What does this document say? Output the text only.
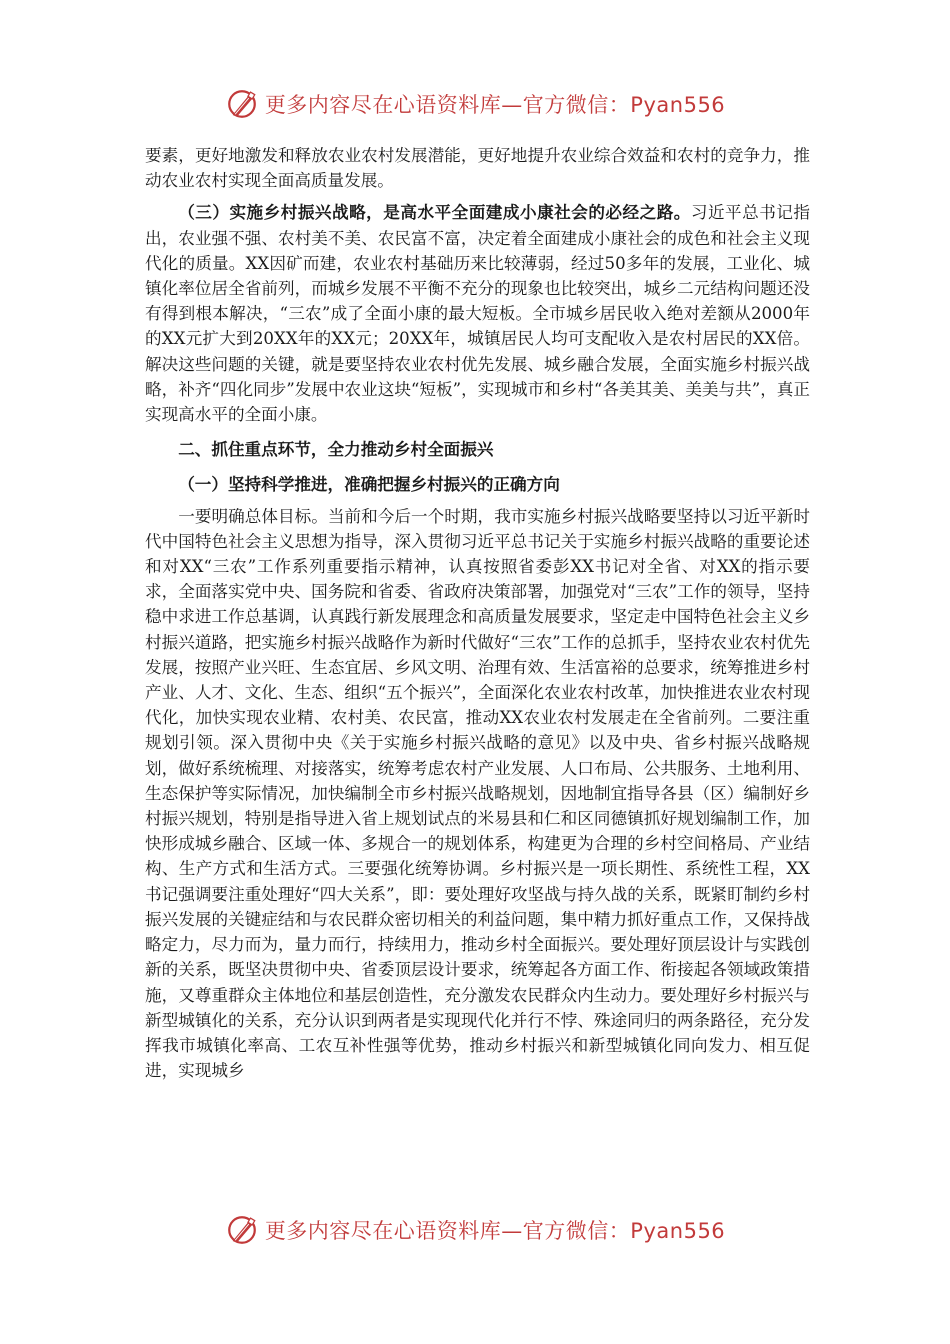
更多内容尽在心语资料库—官方微信：Pyan556

要素，更好地激发和释放农业农村发展潜能，更好地提升农业综合效益和农村的竞争力，推动农业农村实现全面高质量发展。

（三）实施乡村振兴战略，是高水平全面建成小康社会的必经之路。习近平总书记指出，农业强不强、农村美不美、农民富不富，决定着全面建成小康社会的成色和社会主义现代化的质量。XX因矿而建，农业农村基础历来比较薄弱，经过50多年的发展，工业化、城镇化率位居全省前列，而城乡发展不平衡不充分的现象也比较突出，城乡二元结构问题还没有得到根本解决，“三农”成了全面小康的最大短板。全市城乡居民收入绝对差额从2000年的XX元扩大到20XX年的XX元；20XX年，城镇居民人均可支配收入是农村居民的XX倍。解决这些问题的关键，就是要坚持农业农村优先发展、城乡融合发展，全面实施乡村振兴战略，补齐“四化同步”发展中农业这块“短板”，实现城市和乡村“各美其美、美美与共”，真正实现高水平的全面小康。

二、抓住重点环节，全力推动乡村全面振兴

（一）坚持科学推进，准确把握乡村振兴的正确方向

一要明确总体目标。当前和今后一个时期，我市实施乡村振兴战略要坚持以习近平新时代中国特色社会主义思想为指导，深入贯彻习近平总书记关于实施乡村振兴战略的重要论述和对XX“三农”工作系列重要指示精神，认真按照省委彭XX书记对全省、对XX的指示要求，全面落实党中央、国务院和省委、省政府决策部署，加强党对“三农”工作的领导，坚持稳中求进工作总基调，认真践行新发展理念和高质量发展要求，坚定走中国特色社会主义乡村振兴道路，把实施乡村振兴战略作为新时代做好“三农”工作的总抓手，坚持农业农村优先发展，按照产业兴旺、生态宜居、乡风文明、治理有效、生活富裕的总要求，统筹推进乡村产业、人才、文化、生态、组织“五个振兴”，全面深化农业农村改革，加快推进农业农村现代化，加快实现农业精、农村美、农民富，推动XX农业农村发展走在全省前列。二要注重规划引领。深入贯彻中央《关于实施乡村振兴战略的意见》以及中央、省乡村振兴战略规划，做好系统梳理、对接落实，统筹考虑农村产业发展、人口布局、公共服务、土地利用、生态保护等实际情况，加快编制全市乡村振兴战略规划，因地制宜指导各县（区）编制好乡村振兴规划，特别是指导进入省上规划试点的米易县和仁和区同德镇抓好规划编制工作，加快形成城乡融合、区域一体、多规合一的规划体系，构建更为合理的乡村空间格局、产业结构、生产方式和生活方式。三要强化统筹协调。乡村振兴是一项长期性、系统性工程，XX书记强调要注重处理好“四大关系”，即：要处理好攻坚战与持久战的关系，既紧盯制约乡村振兴发展的关键症结和与农民群众密切相关的利益问题，集中精力抓好重点工作，又保持战略定力，尽力而为，量力而行，持续用力，推动乡村全面振兴。要处理好顶层设计与实践创新的关系，既坚决贯彻中央、省委顶层设计要求，统筹起各方面工作、衔接起各领域政策措施，又尊重群众主体地位和基层创造性，充分激发农民群众内生动力。要处理好乡村振兴与新型城镇化的关系，充分认识到两者是实现现代化并行不悖、殊途同归的两条路径，充分发挥我市城镇化率高、工农互补性强等优势，推动乡村振兴和新型城镇化同向发力、相互促进，实现城乡

更多内容尽在心语资料库—官方微信：Pyan556
